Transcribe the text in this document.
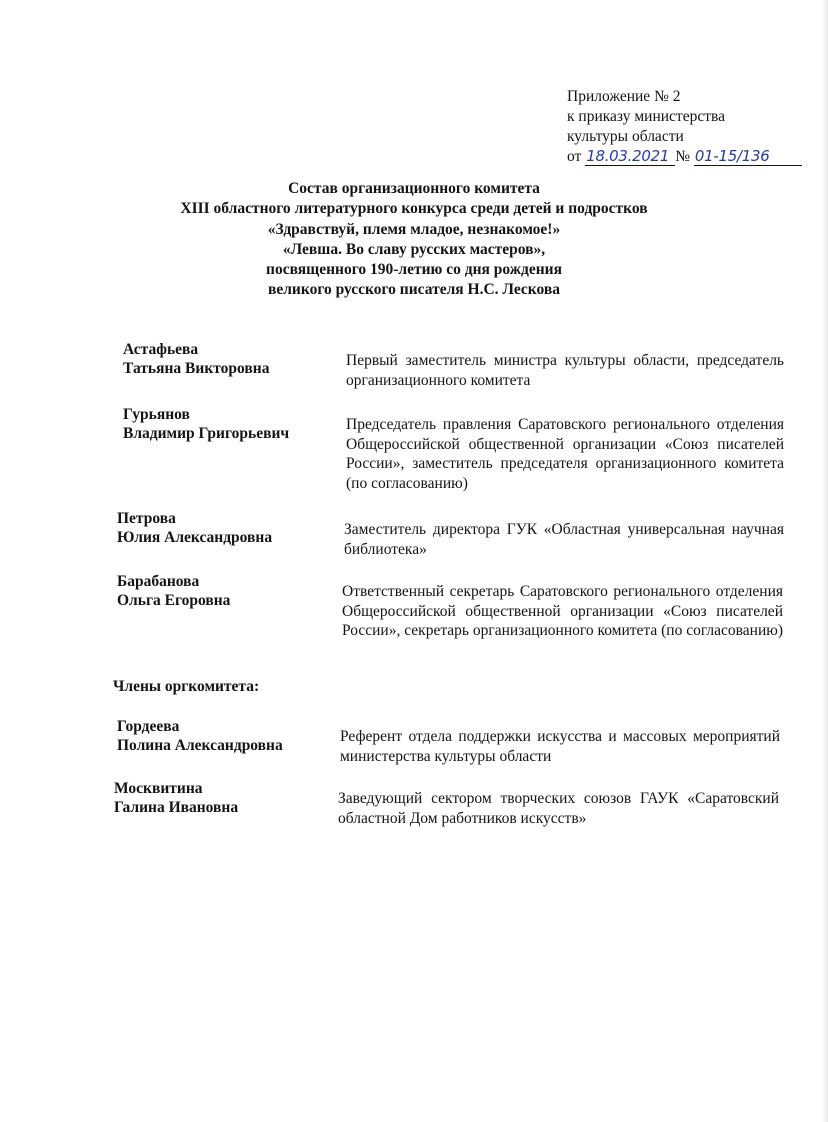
Приложение № 2
к приказу министерства
культуры области
от 18.03.2021 № 01-15/136
Состав организационного комитета
XIII областного литературного конкурса среди детей и подростков
«Здравствуй, племя младое, незнакомое!»
«Левша. Во славу русских мастеров»,
посвященного 190-летию со дня рождения
великого русского писателя Н.С. Лескова
Астафьева
Татьяна Викторовна	Первый заместитель министра культуры области, председатель организационного комитета
Гурьянов
Владимир Григорьевич
Председатель правления Саратовского регионального отделения Общероссийской общественной организации «Союз писателей России», заместитель председателя организационного комитета (по согласованию)
Петрова
Юлия Александровна	Заместитель директора ГУК «Областная универсальная научная библиотека»
Барабанова
Ольга Егоровна
Ответственный секретарь Саратовского регионального отделения Общероссийской общественной организации «Союз писателей России», секретарь организационного комитета (по согласованию)
Члены оргкомитета:
Гордеева
Полина Александровна
Референт отдела поддержки искусства и массовых мероприятий министерства культуры области
Москвитина
Галина Ивановна
Заведующий сектором творческих союзов ГАУК «Саратовский областной Дом работников искусств»
